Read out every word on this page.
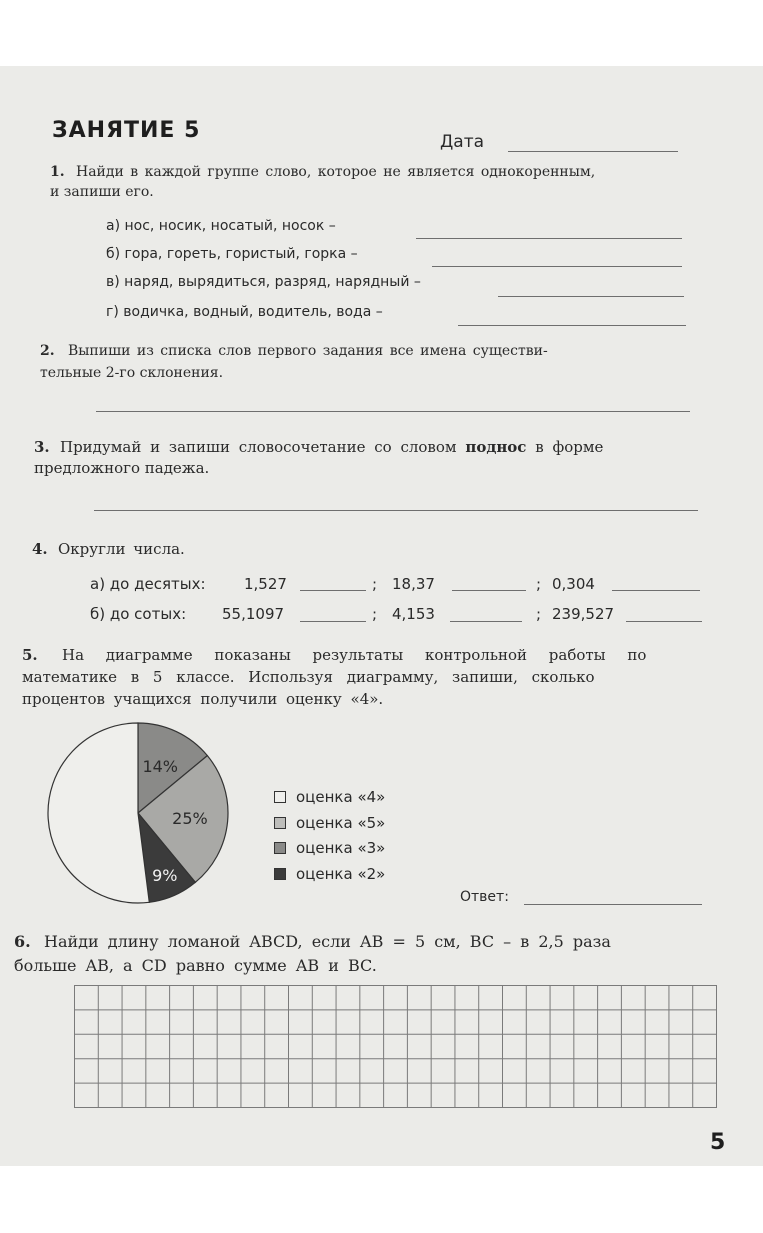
ЗАНЯТИЕ 5	Дата
1. Найди в каждой группе слово, которое не является однокоренным,
и запиши его.
а) нос, носик, носатый, носок –
б) гора, гореть, гористый, горка –
в) наряд, вырядиться, разряд, нарядный –
г) водичка, водный, водитель, вода –
2. Выпиши из списка слов первого задания все имена существи-
тельные 2-го склонения.
3. Придумай и запиши словосочетание со словом поднос в форме
предложного падежа.
4. Округли числа.
а) до десятых:	1,527	; 18,37	; 0,304
б) до сотых: 55,1097	; 4,153	; 239,527
5. На диаграмме показаны результаты контрольной работы по
математике в 5 классе. Используя диаграмму, запиши, сколько
процентов учащихся получили оценку «4».
14%
25%
9%
оценка «4»
оценка «5»
оценка «3»
оценка «2»
Ответ:
6. Найди длину ломаной ABCD, если AB = 5 см, BC – в 2,5 раза
больше AB, а CD равно сумме AB и BC.
5
